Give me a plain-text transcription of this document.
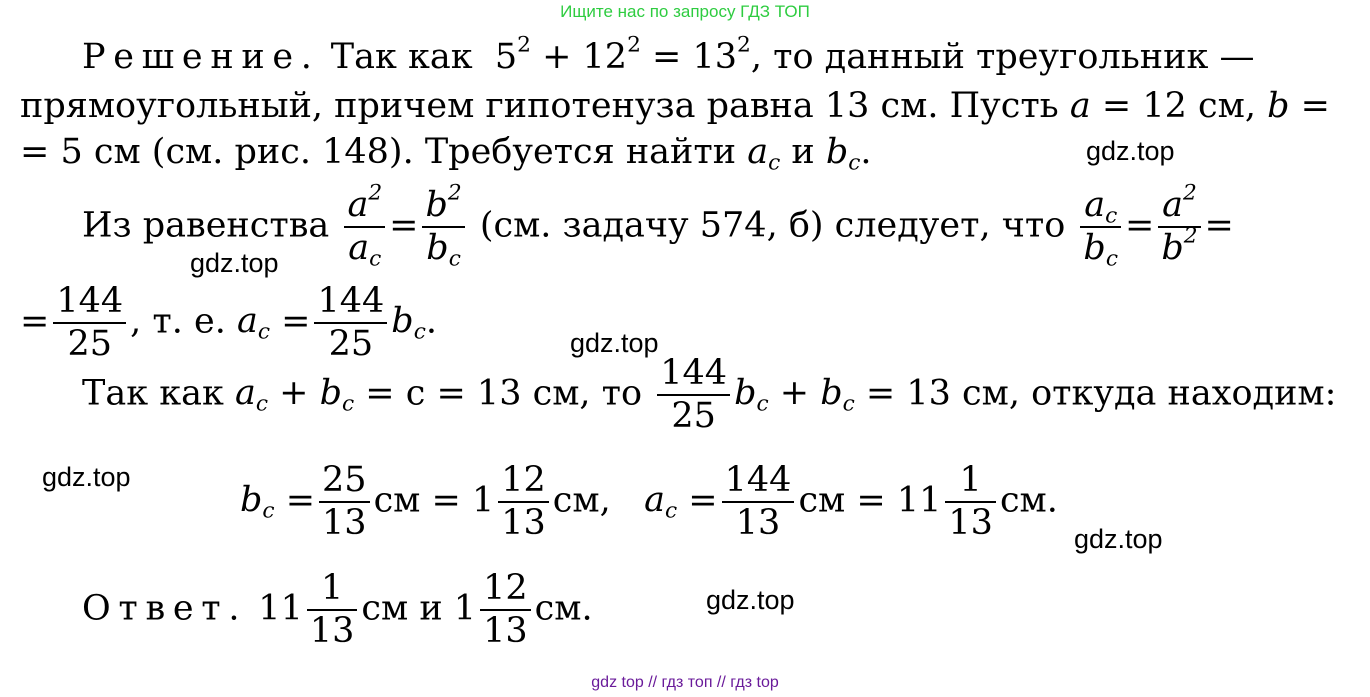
Ищите нас по запросу ГДЗ ТОП
Решение. Так как  $5^2 + 12^2 = 13^2$, то данный треугольник —
прямоугольный, причем гипотенуза равна 13 см. Пусть a = 12 см, b =
= 5 см (см. рис. 148). Требуется найти $a_c$ и $b_c$.
Из равенства $\frac{a^2}{a_c} = \frac{b^2}{b_c} (см$. задачу 574, б) следует, что $\frac{a_c}{b_c} = \frac{a^2}{b^2}$ =
= $\frac{144}{25}$ , т. е. $a_c = \frac{144}{25} b_c$.
Так как $a_c + b_c = c = 13$ см, то $\frac{144}{25} b_c + b_c = 13$ см, откуда находим:
$b_c = \frac{25}{13}$ см = $1 \frac{12}{13}$ см, $a_c = \frac{144}{13}$ см = $11 \frac{1}{13}$ см.
Ответ. $11 \frac{1}{13}$ см и $1 \frac{12}{13}$ см.
gdz.top
gdz.top
gdz.top
gdz.top
gdz.top
gdz.top
gdz top // гдз топ // гдз top
